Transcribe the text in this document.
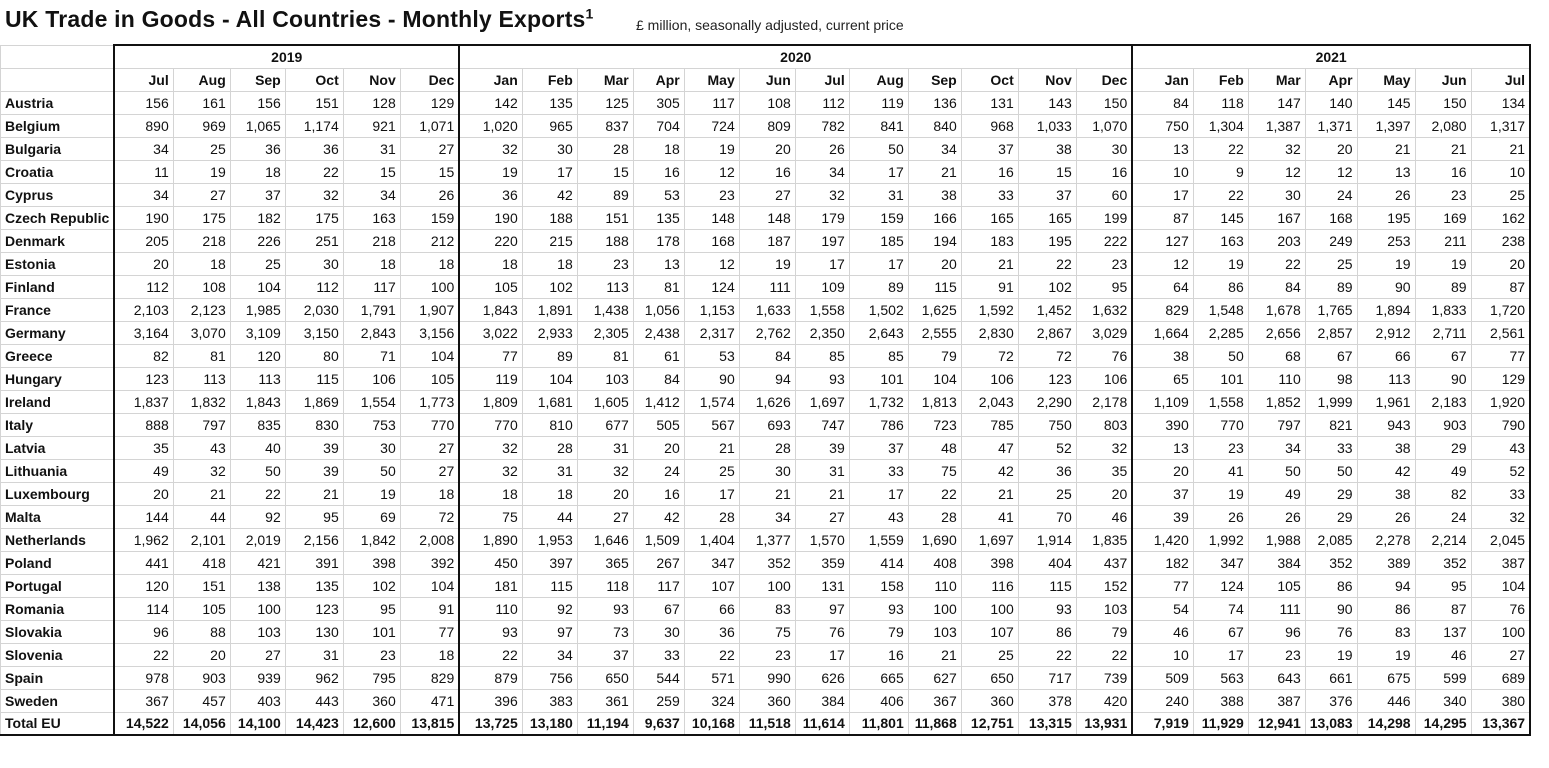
UK Trade in Goods - All Countries - Monthly Exports$^1$
£ million, seasonally adjusted, current price
	2019						2020												2021						
	Jul	Aug	Sep	Oct	Nov	Dec	Jan	Feb	Mar	Apr	May	Jun	Jul	Aug	Sep	Oct	Nov	Dec	Jan	Feb	Mar	Apr	May	Jun	Jul
Austria	156	161	156	151	128	129	142	135	125	305	117	108	112	119	136	131	143	150	84	118	147	140	145	150	134
Belgium	890	969	1,065	1,174	921	1,071	1,020	965	837	704	724	809	782	841	840	968	1,033	1,070	750	1,304	1,387	1,371	1,397	2,080	1,317
Bulgaria	34	25	36	36	31	27	32	30	28	18	19	20	26	50	34	37	38	30	13	22	32	20	21	21	21
Croatia	11	19	18	22	15	15	19	17	15	16	12	16	34	17	21	16	15	16	10	9	12	12	13	16	10
Cyprus	34	27	37	32	34	26	36	42	89	53	23	27	32	31	38	33	37	60	17	22	30	24	26	23	25
Czech Republic	190	175	182	175	163	159	190	188	151	135	148	148	179	159	166	165	165	199	87	145	167	168	195	169	162
Denmark	205	218	226	251	218	212	220	215	188	178	168	187	197	185	194	183	195	222	127	163	203	249	253	211	238
Estonia	20	18	25	30	18	18	18	18	23	13	12	19	17	17	20	21	22	23	12	19	22	25	19	19	20
Finland	112	108	104	112	117	100	105	102	113	81	124	111	109	89	115	91	102	95	64	86	84	89	90	89	87
France	2,103	2,123	1,985	2,030	1,791	1,907	1,843	1,891	1,438	1,056	1,153	1,633	1,558	1,502	1,625	1,592	1,452	1,632	829	1,548	1,678	1,765	1,894	1,833	1,720
Germany	3,164	3,070	3,109	3,150	2,843	3,156	3,022	2,933	2,305	2,438	2,317	2,762	2,350	2,643	2,555	2,830	2,867	3,029	1,664	2,285	2,656	2,857	2,912	2,711	2,561
Greece	82	81	120	80	71	104	77	89	81	61	53	84	85	85	79	72	72	76	38	50	68	67	66	67	77
Hungary	123	113	113	115	106	105	119	104	103	84	90	94	93	101	104	106	123	106	65	101	110	98	113	90	129
Ireland	1,837	1,832	1,843	1,869	1,554	1,773	1,809	1,681	1,605	1,412	1,574	1,626	1,697	1,732	1,813	2,043	2,290	2,178	1,109	1,558	1,852	1,999	1,961	2,183	1,920
Italy	888	797	835	830	753	770	770	810	677	505	567	693	747	786	723	785	750	803	390	770	797	821	943	903	790
Latvia	35	43	40	39	30	27	32	28	31	20	21	28	39	37	48	47	52	32	13	23	34	33	38	29	43
Lithuania	49	32	50	39	50	27	32	31	32	24	25	30	31	33	75	42	36	35	20	41	50	50	42	49	52
Luxembourg	20	21	22	21	19	18	18	18	20	16	17	21	21	17	22	21	25	20	37	19	49	29	38	82	33
Malta	144	44	92	95	69	72	75	44	27	42	28	34	27	43	28	41	70	46	39	26	26	29	26	24	32
Netherlands	1,962	2,101	2,019	2,156	1,842	2,008	1,890	1,953	1,646	1,509	1,404	1,377	1,570	1,559	1,690	1,697	1,914	1,835	1,420	1,992	1,988	2,085	2,278	2,214	2,045
Poland	441	418	421	391	398	392	450	397	365	267	347	352	359	414	408	398	404	437	182	347	384	352	389	352	387
Portugal	120	151	138	135	102	104	181	115	118	117	107	100	131	158	110	116	115	152	77	124	105	86	94	95	104
Romania	114	105	100	123	95	91	110	92	93	67	66	83	97	93	100	100	93	103	54	74	111	90	86	87	76
Slovakia	96	88	103	130	101	77	93	97	73	30	36	75	76	79	103	107	86	79	46	67	96	76	83	137	100
Slovenia	22	20	27	31	23	18	22	34	37	33	22	23	17	16	21	25	22	22	10	17	23	19	19	46	27
Spain	978	903	939	962	795	829	879	756	650	544	571	990	626	665	627	650	717	739	509	563	643	661	675	599	689
Sweden	367	457	403	443	360	471	396	383	361	259	324	360	384	406	367	360	378	420	240	388	387	376	446	340	380
Total EU	14,522	14,056	14,100	14,423	12,600	13,815	13,725	13,180	11,194	9,637	10,168	11,518	11,614	11,801	11,868	12,751	13,315	13,931	7,919	11,929	12,941	13,083	14,298	14,295	13,367
